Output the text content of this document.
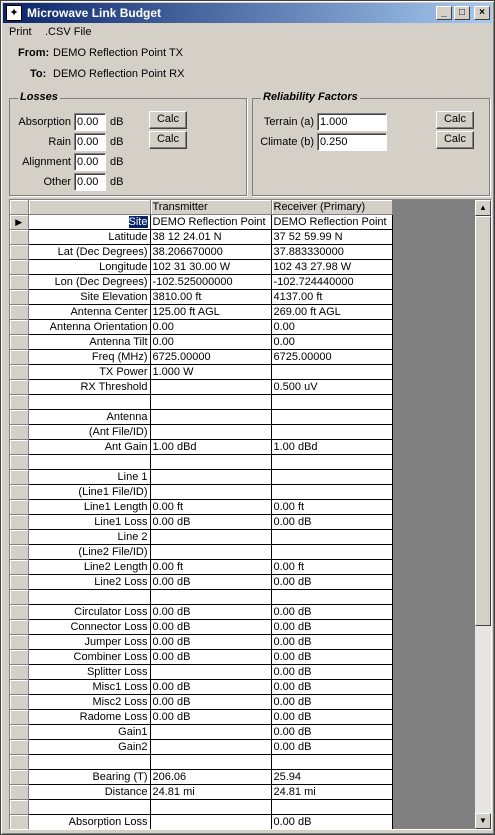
✦ Microwave Link Budget	_	□	×
Print .CSV File
From: DEMO Reflection Point TX
To: DEMO Reflection Point RX
Losses
Absorption 0.00	dB
Rain 0.00	dB
Alignment 0.00	dB
Other 0.00	dB
Calc
Calc
Reliability Factors
Terrain (a) 1.000
Climate (b) 0.250
Calc
Calc
		Transmitter	Receiver (Primary)

▶	Site	DEMO Reflection Point	DEMO Reflection Point
	Latitude	38 12 24.01 N	37 52 59.99 N
	Lat (Dec Degrees)	38.206670000	37.883330000
	Longitude	102 31 30.00 W	102 43 27.98 W
	Lon (Dec Degrees)	-102.525000000	-102.724440000
	Site Elevation	3810.00 ft	4137.00 ft
	Antenna Center	125.00 ft AGL	269.00 ft AGL
	Antenna Orientation	0.00	0.00
	Antenna Tilt	0.00	0.00
	Freq (MHz)	6725.00000	6725.00000
	TX Power	1.000 W	
	RX Threshold		0.500 uV

	Antenna		
	(Ant File/ID)		
	Ant Gain	1.00 dBd	1.00 dBd

	Line 1		
	(Line1 File/ID)		
	Line1 Length	0.00 ft	0.00 ft
	Line1 Loss	0.00 dB	0.00 dB
	Line 2		
	(Line2 File/ID)		
	Line2 Length	0.00 ft	0.00 ft
	Line2 Loss	0.00 dB	0.00 dB

	Circulator Loss	0.00 dB	0.00 dB
	Connector Loss	0.00 dB	0.00 dB
	Jumper Loss	0.00 dB	0.00 dB
	Combiner Loss	0.00 dB	0.00 dB
	Splitter Loss		0.00 dB
	Misc1 Loss	0.00 dB	0.00 dB
	Misc2 Loss	0.00 dB	0.00 dB
	Radome Loss	0.00 dB	0.00 dB
	Gain1		0.00 dB
	Gain2		0.00 dB

	Bearing (T)	206.06	25.94
	Distance	24.81 mi	24.81 mi

	Absorption Loss		0.00 dB
▲
▼
